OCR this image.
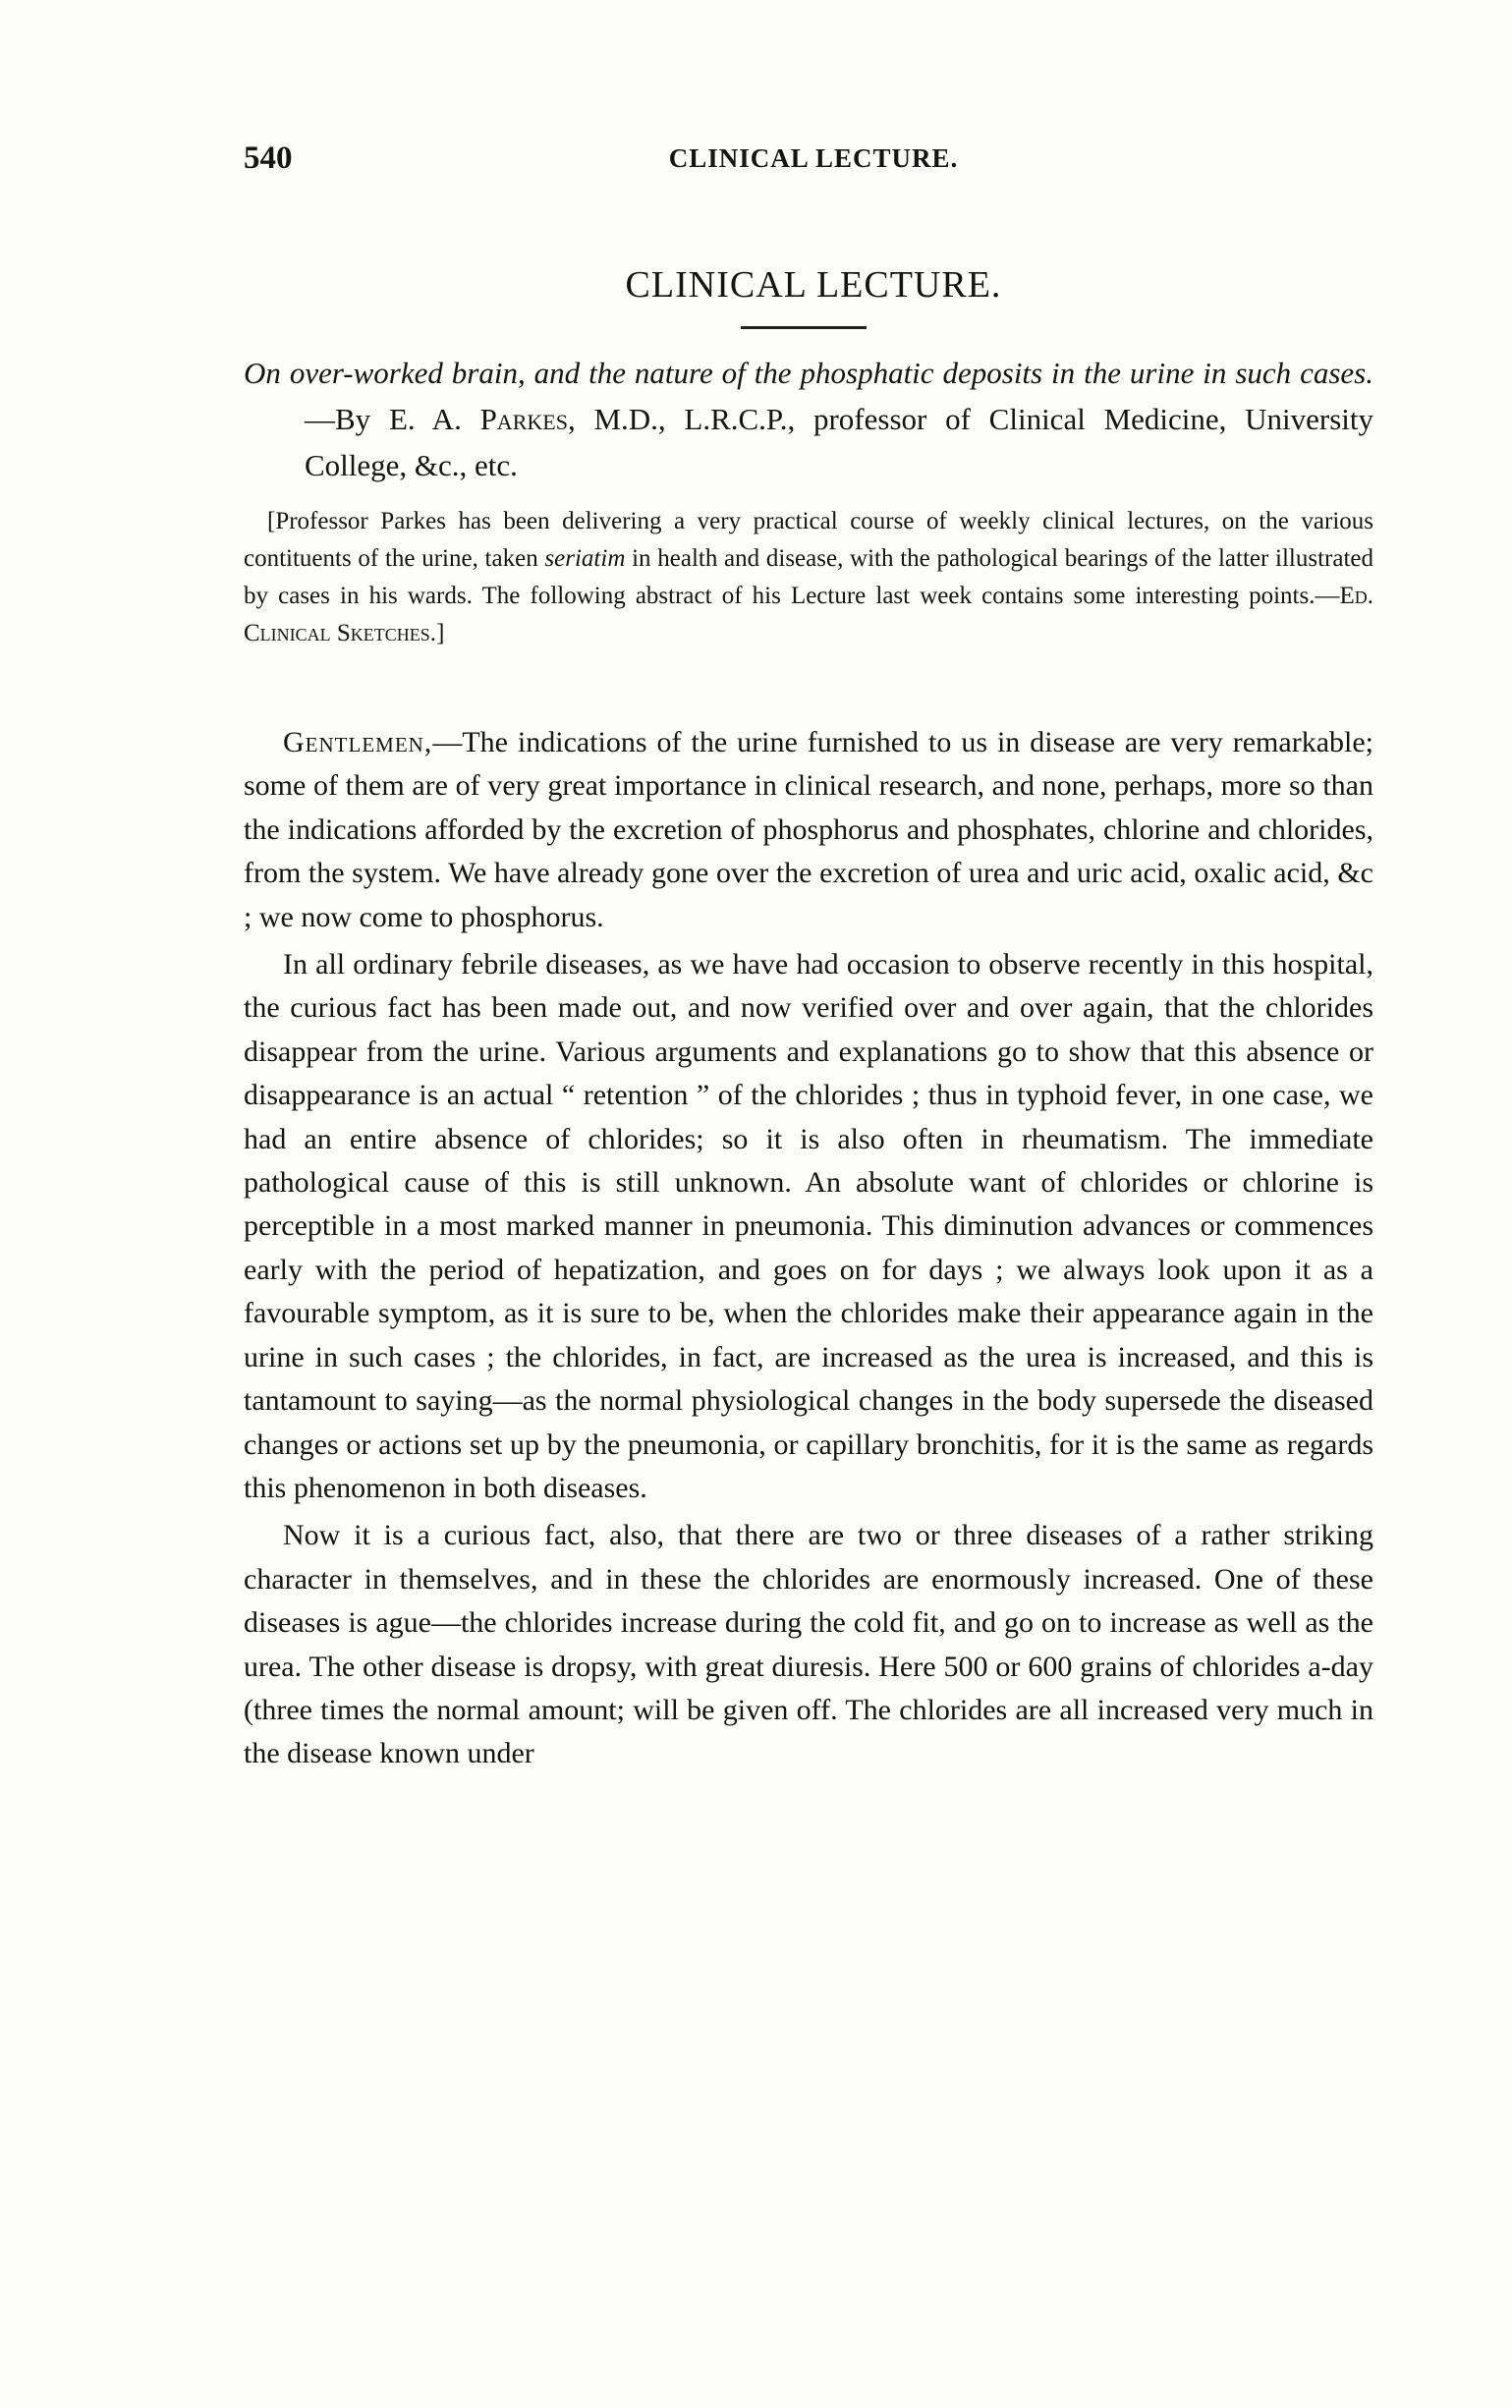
540	CLINICAL LECTURE.
CLINICAL LECTURE.
On over-worked brain, and the nature of the phosphatic deposits in the urine in such cases.—By E. A. Parkes, M.D., L.R.C.P., professor of Clinical Medicine, University College, &c., etc.
[Professor Parkes has been delivering a very practical course of weekly clinical lectures, on the various contituents of the urine, taken seriatim in health and disease, with the pathological bearings of the latter illustrated by cases in his wards. The following abstract of his Lecture last week contains some interesting points.—Ed. Clinical Sketches.]

Gentlemen,—The indications of the urine furnished to us in disease are very remarkable; some of them are of very great importance in clinical research, and none, perhaps, more so than the indications afforded by the excretion of phosphorus and phosphates, chlorine and chlorides, from the system. We have already gone over the excretion of urea and uric acid, oxalic acid, &c ; we now come to phosphorus.

In all ordinary febrile diseases, as we have had occasion to observe recently in this hospital, the curious fact has been made out, and now verified over and over again, that the chlorides disappear from the urine. Various arguments and explanations go to show that this absence or disappearance is an actual “ retention ” of the chlorides ; thus in typhoid fever, in one case, we had an entire absence of chlorides; so it is also often in rheumatism. The immediate pathological cause of this is still unknown. An absolute want of chlorides or chlorine is perceptible in a most marked manner in pneumonia. This diminution advances or commences early with the period of hepatization, and goes on for days ; we always look upon it as a favourable symptom, as it is sure to be, when the chlorides make their appearance again in the urine in such cases ; the chlorides, in fact, are increased as the urea is increased, and this is tantamount to saying—as the normal physiological changes in the body supersede the diseased changes or actions set up by the pneumonia, or capillary bronchitis, for it is the same as regards this phenomenon in both diseases.

Now it is a curious fact, also, that there are two or three diseases of a rather striking character in themselves, and in these the chlorides are enormously increased. One of these diseases is ague—the chlorides increase during the cold fit, and go on to increase as well as the urea. The other disease is dropsy, with great diuresis. Here 500 or 600 grains of chlorides a-day (three times the normal amount; will be given off. The chlorides are all increased very much in the disease known under
